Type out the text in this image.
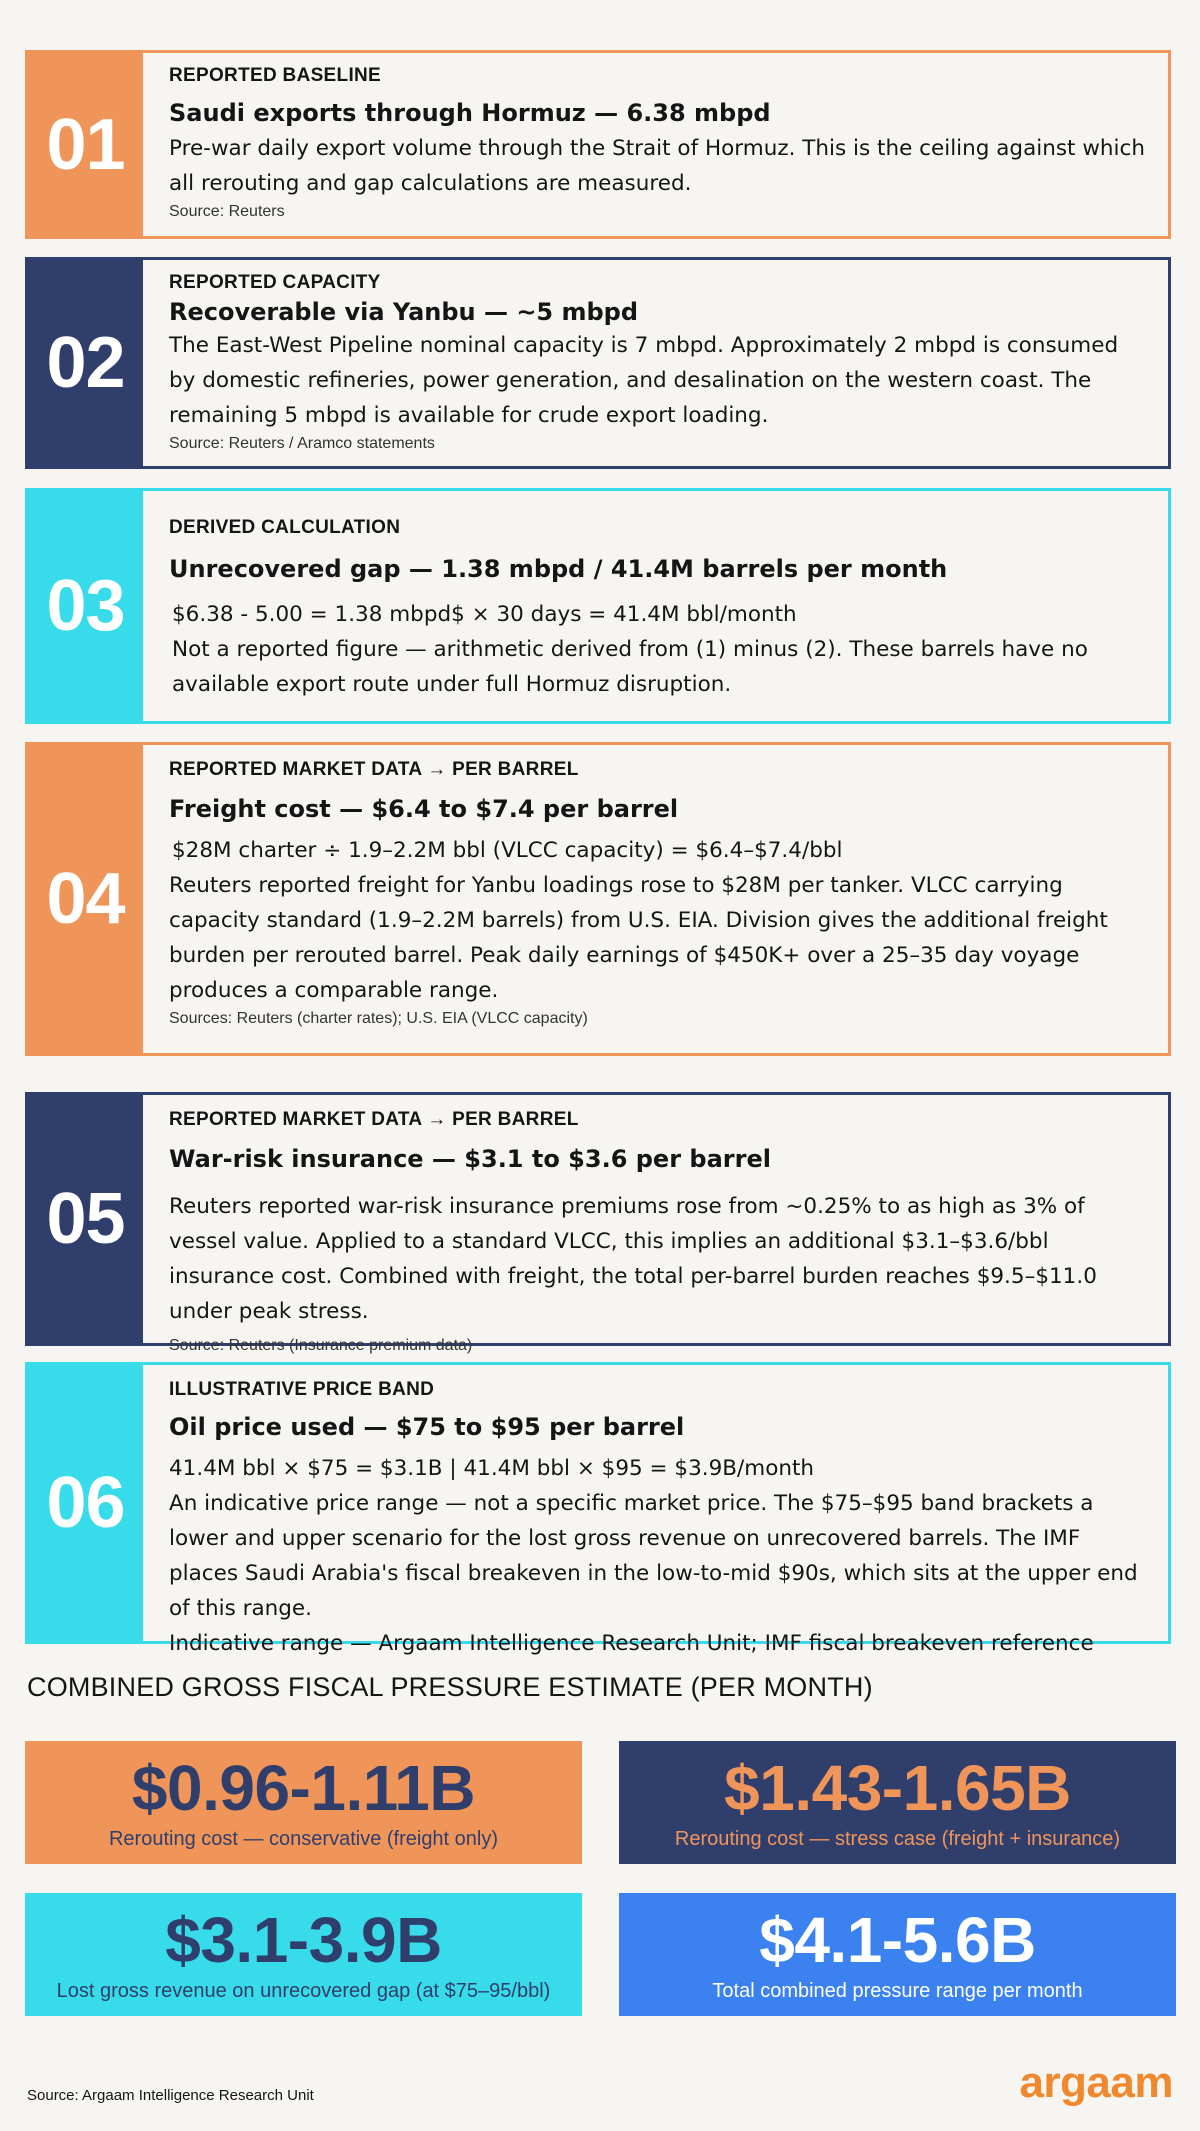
01
REPORTED BASELINE
Saudi exports through Hormuz — 6.38 mbpd
Pre-war daily export volume through the Strait of Hormuz. This is the ceiling against which all rerouting and gap calculations are measured.
Source: Reuters
02
REPORTED CAPACITY
Recoverable via Yanbu — ~5 mbpd
The East-West Pipeline nominal capacity is 7 mbpd. Approximately 2 mbpd is consumed by domestic refineries, power generation, and desalination on the western coast. The remaining 5 mbpd is available for crude export loading.
Source: Reuters / Aramco statements
03
DERIVED CALCULATION
Unrecovered gap — 1.38 mbpd / 41.4M barrels per month
$6.38 - 5.00 = 1.38 mbpd$ × 30 days = 41.4M bbl/month
Not a reported figure — arithmetic derived from (1) minus (2). These barrels have no available export route under full Hormuz disruption.
04
REPORTED MARKET DATA → PER BARREL
Freight cost — $6.4 to $7.4 per barrel
$28M charter ÷ 1.9–2.2M bbl (VLCC capacity) = $6.4–$7.4/bbl
Reuters reported freight for Yanbu loadings rose to $28M per tanker. VLCC carrying capacity standard (1.9–2.2M barrels) from U.S. EIA. Division gives the additional freight burden per rerouted barrel. Peak daily earnings of $450K+ over a 25–35 day voyage produces a comparable range.
Sources: Reuters (charter rates); U.S. EIA (VLCC capacity)
05
REPORTED MARKET DATA → PER BARREL
War-risk insurance — $3.1 to $3.6 per barrel
Reuters reported war-risk insurance premiums rose from ~0.25% to as high as 3% of vessel value. Applied to a standard VLCC, this implies an additional $3.1–$3.6/bbl insurance cost. Combined with freight, the total per-barrel burden reaches $9.5–$11.0 under peak stress.
Source: Reuters (Insurance premium data)
06
ILLUSTRATIVE PRICE BAND
Oil price used — $75 to $95 per barrel
41.4M bbl × $75 = $3.1B | 41.4M bbl × $95 = $3.9B/month
An indicative price range — not a specific market price. The $75–$95 band brackets a lower and upper scenario for the lost gross revenue on unrecovered barrels. The IMF places Saudi Arabia's fiscal breakeven in the low-to-mid $90s, which sits at the upper end of this range.
Indicative range — Argaam Intelligence Research Unit; IMF fiscal breakeven reference
COMBINED GROSS FISCAL PRESSURE ESTIMATE (PER MONTH)
$0.96-1.11B
Rerouting cost — conservative (freight only)
$1.43-1.65B
Rerouting cost — stress case (freight + insurance)
$3.1-3.9B
Lost gross revenue on unrecovered gap (at $75–95/bbl)
$4.1-5.6B
Total combined pressure range per month
Source: Argaam Intelligence Research Unit	argaam
